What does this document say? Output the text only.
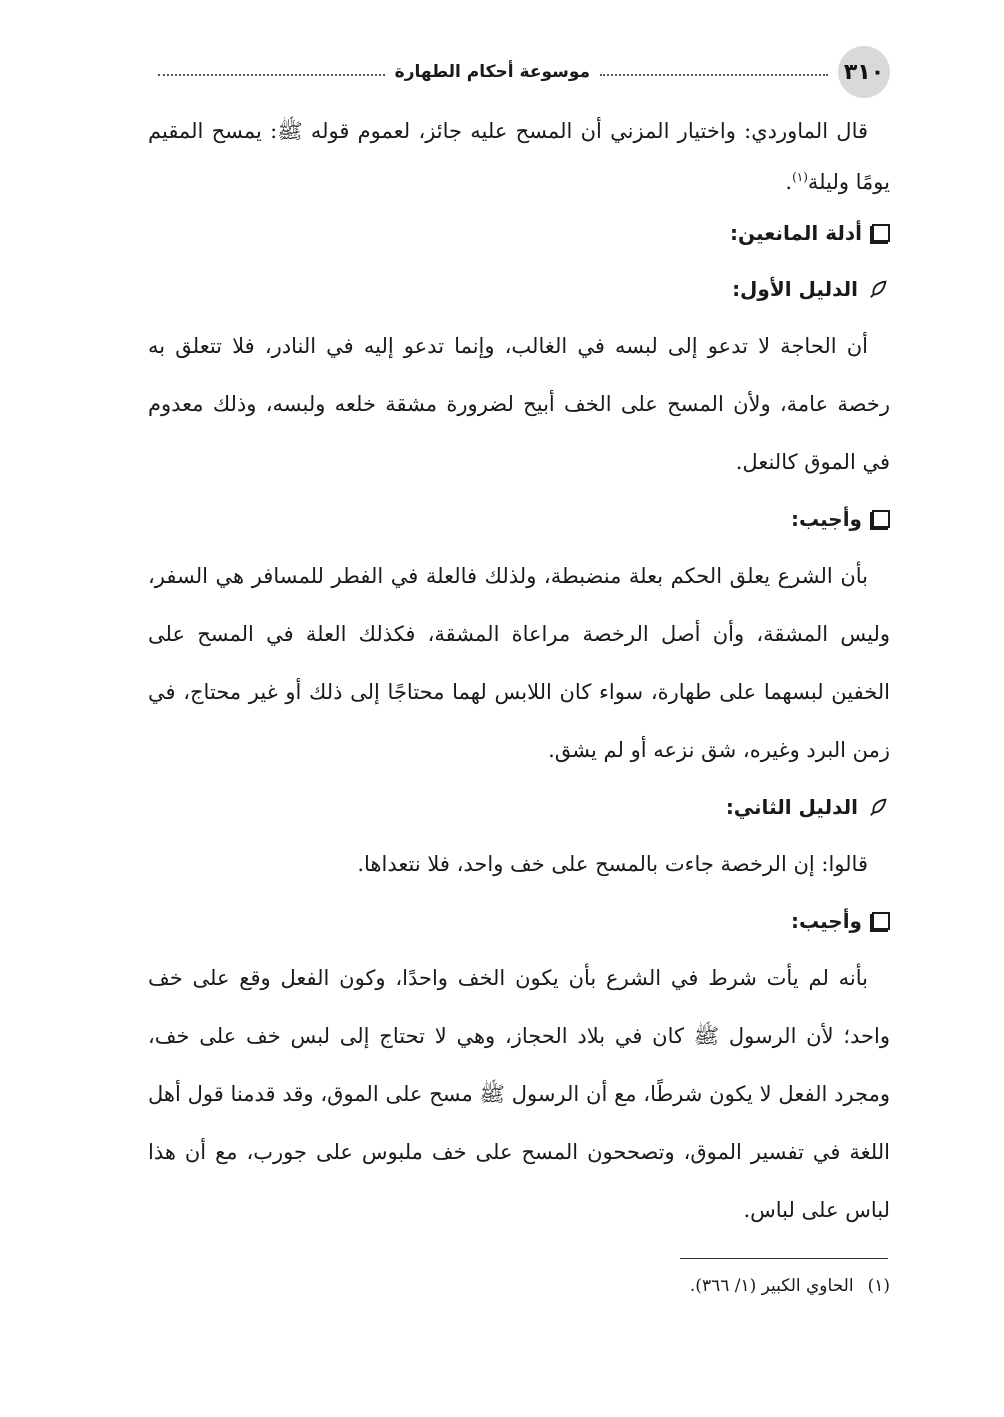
٣١٠
موسوعة أحكام الطهارة

قال الماوردي: واختيار المزني أن المسح عليه جائز، لعموم قوله ﷺ: يمسح المقيم يومًا وليلة$^{(١)}$.

أدلة المانعين:
الدليل الأول:

أن الحاجة لا تدعو إلى لبسه في الغالب، وإنما تدعو إليه في النادر، فلا تتعلق به رخصة عامة، ولأن المسح على الخف أبيح لضرورة مشقة خلعه ولبسه، وذلك معدوم في الموق كالنعل.

وأجيب:

بأن الشرع يعلق الحكم بعلة منضبطة، ولذلك فالعلة في الفطر للمسافر هي السفر، وليس المشقة، وأن أصل الرخصة مراعاة المشقة، فكذلك العلة في المسح على الخفين لبسهما على طهارة، سواء كان اللابس لهما محتاجًا إلى ذلك أو غير محتاج، في زمن البرد وغيره، شق نزعه أو لم يشق.

الدليل الثاني:

قالوا: إن الرخصة جاءت بالمسح على خف واحد، فلا نتعداها.

وأجيب:

بأنه لم يأت شرط في الشرع بأن يكون الخف واحدًا، وكون الفعل وقع على خف واحد؛ لأن الرسول ﷺ كان في بلاد الحجاز، وهي لا تحتاج إلى لبس خف على خف، ومجرد الفعل لا يكون شرطًا، مع أن الرسول ﷺ مسح على الموق، وقد قدمنا قول أهل اللغة في تفسير الموق، وتصححون المسح على خف ملبوس على جورب، مع أن هذا لباس على لباس.

(١)
الحاوي الكبير (١/ ٣٦٦).
